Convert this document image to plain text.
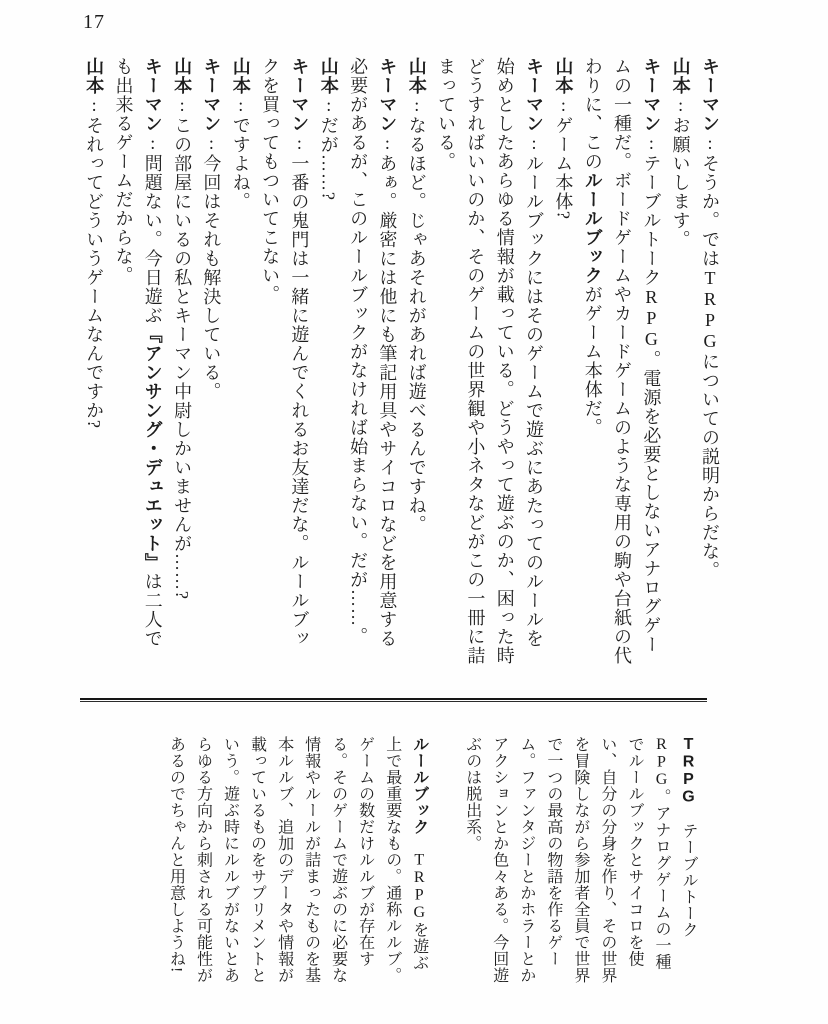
17

キーマン:そうか。ではTRPGについての説明からだな。

山本:お願いします。

キーマン:テーブルトークRPG。電源を必要としないアナログゲームの一種だ。ボードゲームやカードゲームのような専用の駒や台紙の代わりに、このルールブックがゲーム本体だ。

山本:ゲーム本体?

キーマン:ルールブックにはそのゲームで遊ぶにあたってのルールを始めとしたあらゆる情報が載っている。どうやって遊ぶのか、困った時どうすればいいのか、そのゲームの世界観や小ネタなどがこの一冊に詰まっている。

山本:なるほど。じゃあそれがあれば遊べるんですね。

キーマン:あぁ。厳密には他にも筆記用具やサイコロなどを用意する必要があるが、このルールブックがなければ始まらない。だが……。

山本:だが……?

キーマン:一番の鬼門は一緒に遊んでくれるお友達だな。ルールブックを買ってもついてこない。

山本:ですよね。

キーマン:今回はそれも解決している。

山本:この部屋にいるの私とキーマン中尉しかいませんが……?

キーマン:問題ない。今日遊ぶ『アンサング・デュエット』は二人でも出来るゲームだからな。

山本:それってどういうゲームなんですか?

TRPG　テーブルトークRPG。アナログゲームの一種でルールブックとサイコロを使い、自分の分身を作り、その世界を冒険しながら参加者全員で世界で一つの最高の物語を作るゲーム。ファンタジーとかホラーとかアクションとか色々ある。今回遊ぶのは脱出系。

ルールブック　TRPGを遊ぶ上で最重要なもの。通称ルルブ。ゲームの数だけルルブが存在する。そのゲームで遊ぶのに必要な情報やルールが詰まったものを基本ルルブ、追加のデータや情報が載っているものをサプリメントという。遊ぶ時にルルブがないとあらゆる方向から刺される可能性があるのでちゃんと用意しようね!
